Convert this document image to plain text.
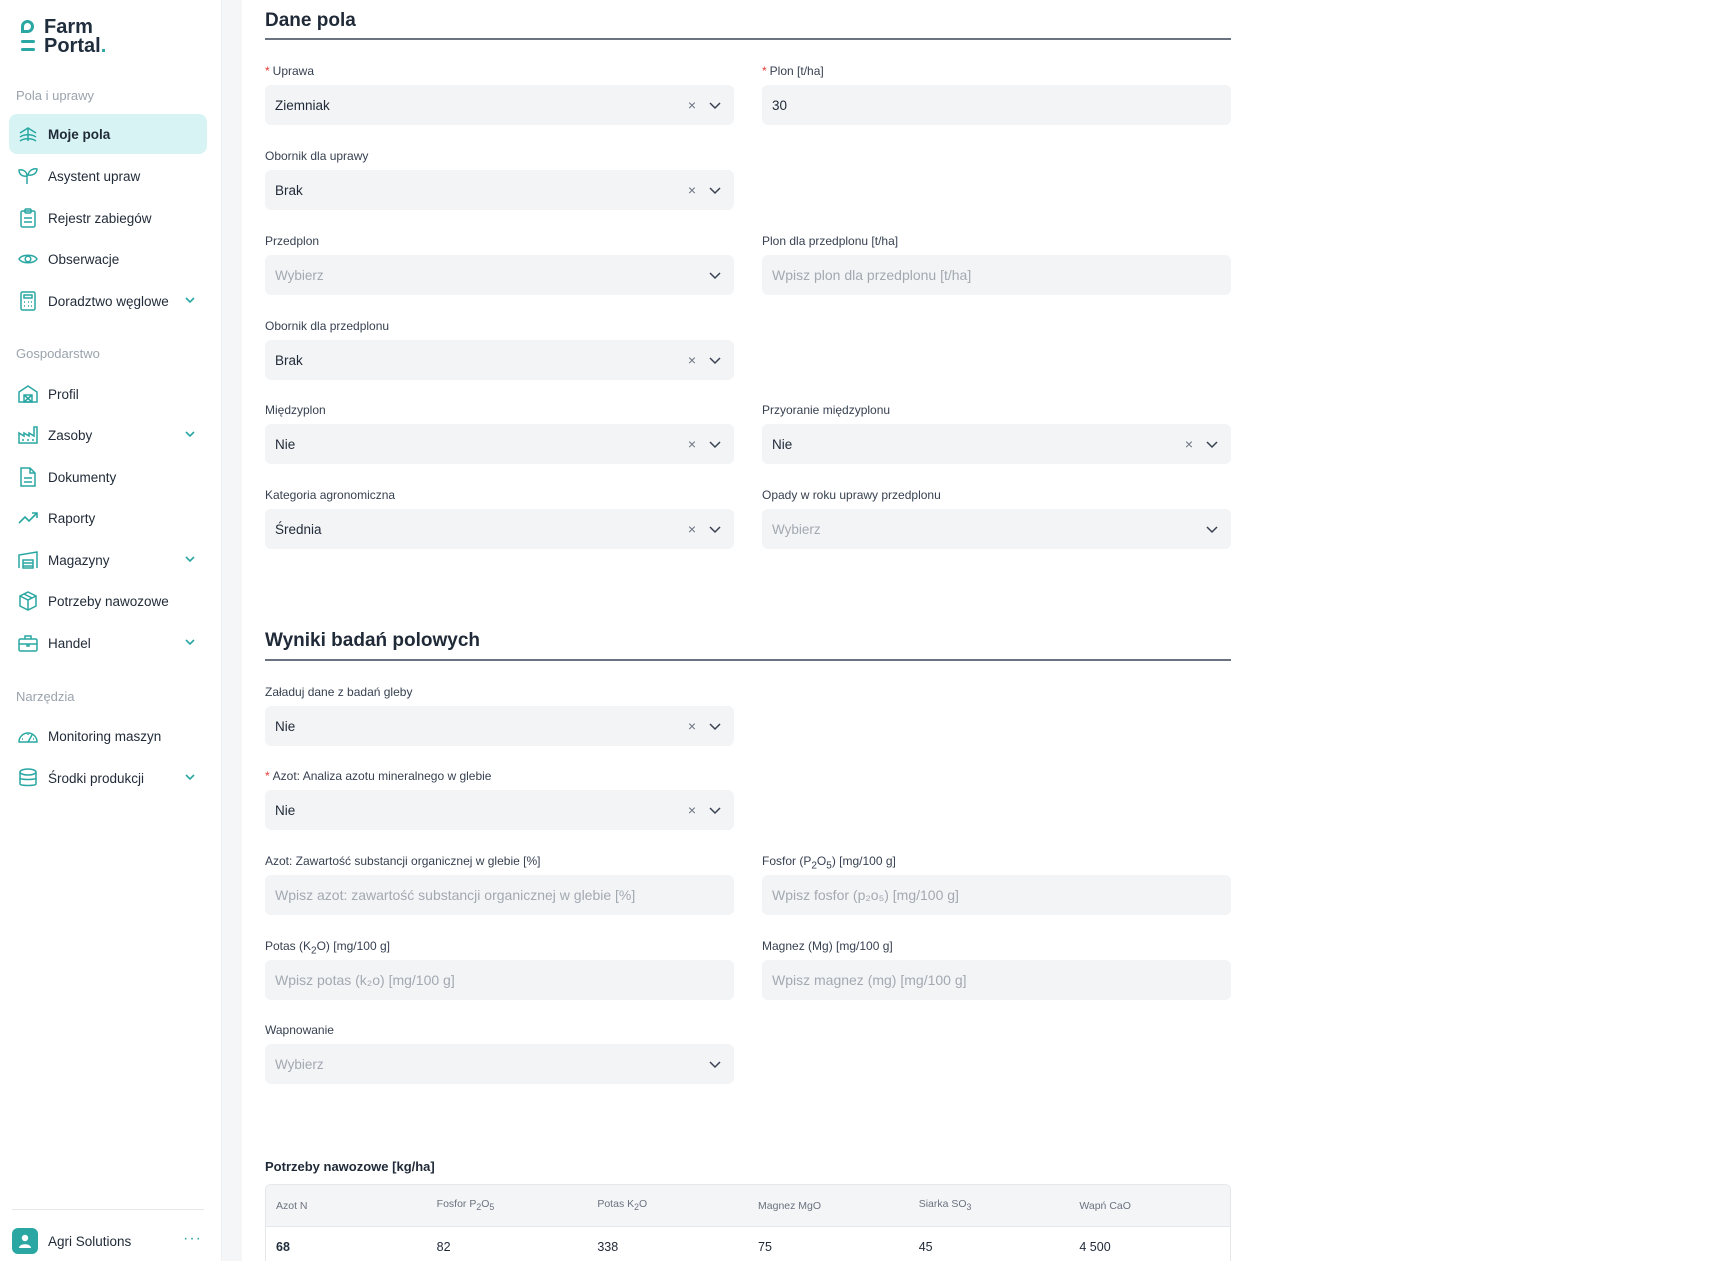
Farm
Portal.
Pola i uprawy
Moje pola
Asystent upraw
Rejestr zabiegów
Obserwacje
Doradztwo węglowe
Gospodarstwo
Profil
Zasoby
Dokumenty
Raporty
Magazyny
Potrzeby nawozowe
Handel
Narzędzia
Monitoring maszyn
Środki produkcji
Agri Solutions	···
Dane pola
* Uprawa
Ziemniak	×
* Plon [t/ha]
30
Obornik dla uprawy
Brak	×
Przedplon
Wybierz
Plon dla przedplonu [t/ha]
Wpisz plon dla przedplonu [t/ha]
Obornik dla przedplonu
Brak	×
Międzyplon
Nie	×
Przyoranie międzyplonu
Nie	×
Kategoria agronomiczna
Średnia	×
Opady w roku uprawy przedplonu
Wybierz
Wyniki badań polowych
Załaduj dane z badań gleby
Nie	×
* Azot: Analiza azotu mineralnego w glebie
Nie	×
Azot: Zawartość substancji organicznej w glebie [%]
Wpisz azot: zawartość substancji organicznej w glebie [%]	Fosfor $(P_2O_5)$ [mg/100 g]
Wpisz fosfor (p₂o₅) [mg/100 g]
Potas $(K_2O)$ [mg/100 g]
Wpisz potas (k₂o) [mg/100 g]	Magnez (Mg) [mg/100 g]
Wpisz magnez (mg) [mg/100 g]
Wapnowanie
Wybierz
Potrzeby nawozowe [kg/ha]
Azot N	Fosfor $P_2O_5$	Potas $K_2O$	Magnez MgO	Siarka $SO_3$	Wapń CaO
68	82	338	75	45	4 500
